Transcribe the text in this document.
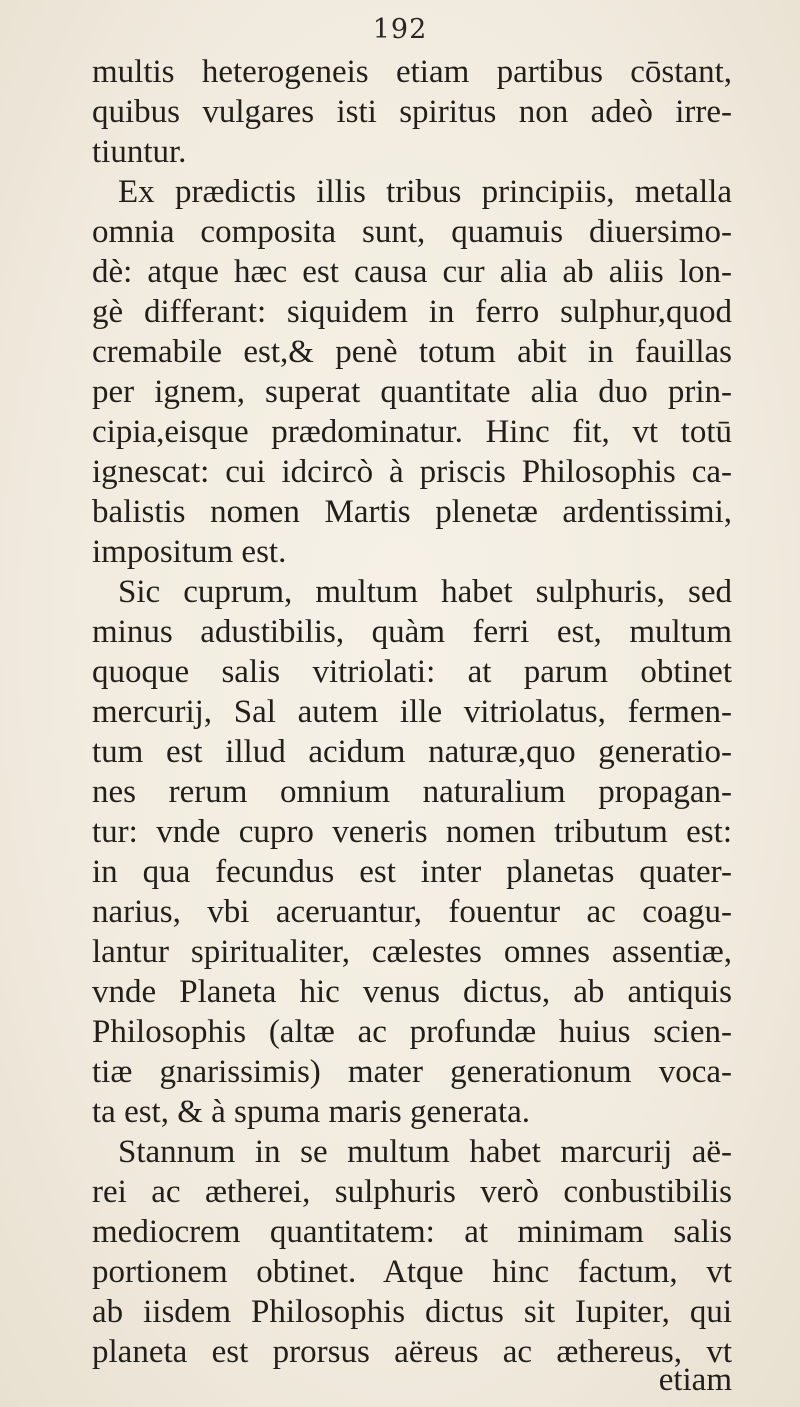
192
multis heterogeneis etiam partibus cōstant,
quibus vulgares isti spiritus non adeò irre-
tiuntur.
Ex prædictis illis tribus principiis, metalla
omnia composita sunt, quamuis diuersimo-
dè: atque hæc est causa cur alia ab aliis lon-
gè differant: siquidem in ferro sulphur,quod
cremabile est,& penè totum abit in fauillas
per ignem, superat quantitate alia duo prin-
cipia,eisque prædominatur. Hinc fit, vt totū
ignescat: cui idcircò à priscis Philosophis ca-
balistis nomen Martis plenetæ ardentissimi,
impositum est.
Sic cuprum, multum habet sulphuris, sed
minus adustibilis, quàm ferri est, multum
quoque salis vitriolati: at parum obtinet
mercurij, Sal autem ille vitriolatus, fermen-
tum est illud acidum naturæ,quo generatio-
nes rerum omnium naturalium propagan-
tur: vnde cupro veneris nomen tributum est:
in qua fecundus est inter planetas quater-
narius, vbi aceruantur, fouentur ac coagu-
lantur spiritualiter, cælestes omnes assentiæ,
vnde Planeta hic venus dictus, ab antiquis
Philosophis (altæ ac profundæ huius scien-
tiæ gnarissimis) mater generationum voca-
ta est, & à spuma maris generata.
Stannum in se multum habet marcurij aë-
rei ac ætherei, sulphuris verò conbustibilis
mediocrem quantitatem: at minimam salis
portionem obtinet. Atque hinc factum, vt
ab iisdem Philosophis dictus sit Iupiter, qui
planeta est prorsus aëreus ac æthereus, vt
etiam
